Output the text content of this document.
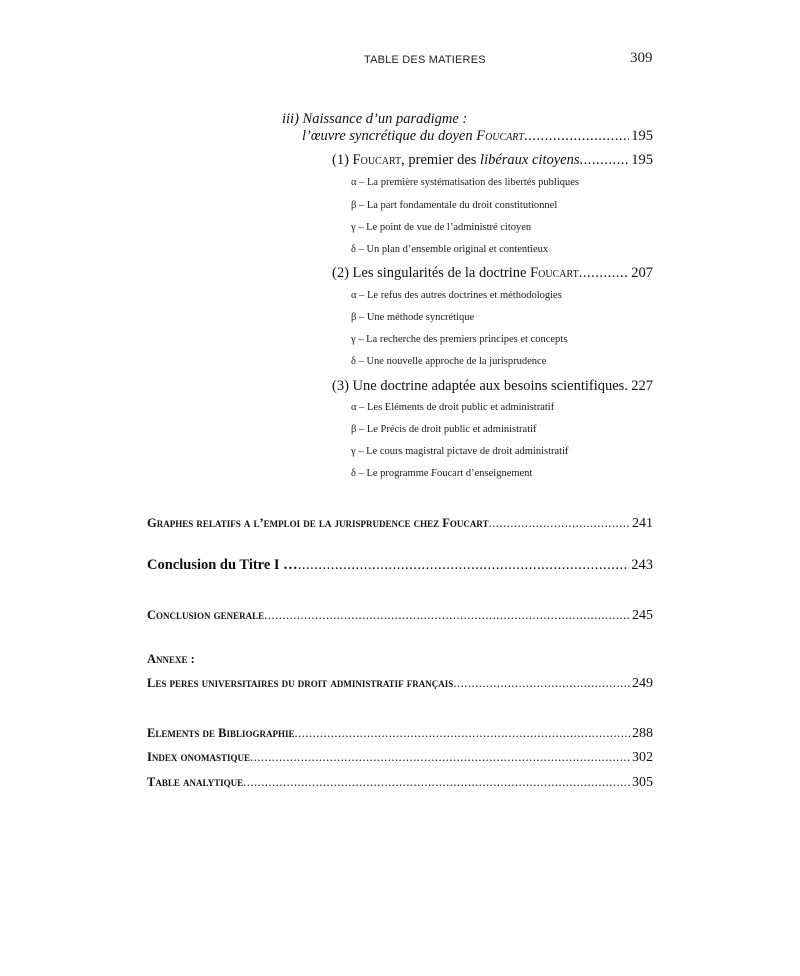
TABLE DES MATIERES	309
iii) Naissance d’un paradigme :
l’œuvre syncrétique du doyen Foucart .....	195
(1) Foucart, premier des libéraux citoyens .....	195
α – La première systématisation des libertés publiques
β – La part fondamentale du droit constitutionnel
γ – Le point de vue de l’administré citoyen
δ – Un plan d’ensemble original et contentieux
(2) Les singularités de la doctrine Foucart .....	207
α – Le refus des autres doctrines et méthodologies
β – Une méthode syncrétique
γ – La recherche des premiers principes et concepts
δ – Une nouvelle approche de la jurisprudence
(3) Une doctrine adaptée aux besoins scientifiques ..... 227
α – Les Eléments de droit public et administratif
β – Le Précis de droit public et administratif
γ – Le cours magistral pictave de droit administratif
δ – Le programme Foucart d’enseignement
Graphes relatifs a l’emploi de la jurisprudence chez Foucart .....	241
Conclusion du Titre I … .....	243
Conclusion generale .....	245
Annexe :
Les peres universitaires du droit administratif français .....	249
Elements de Bibliographie .....	288
Index onomastique .....	302
Table analytique .....	305
